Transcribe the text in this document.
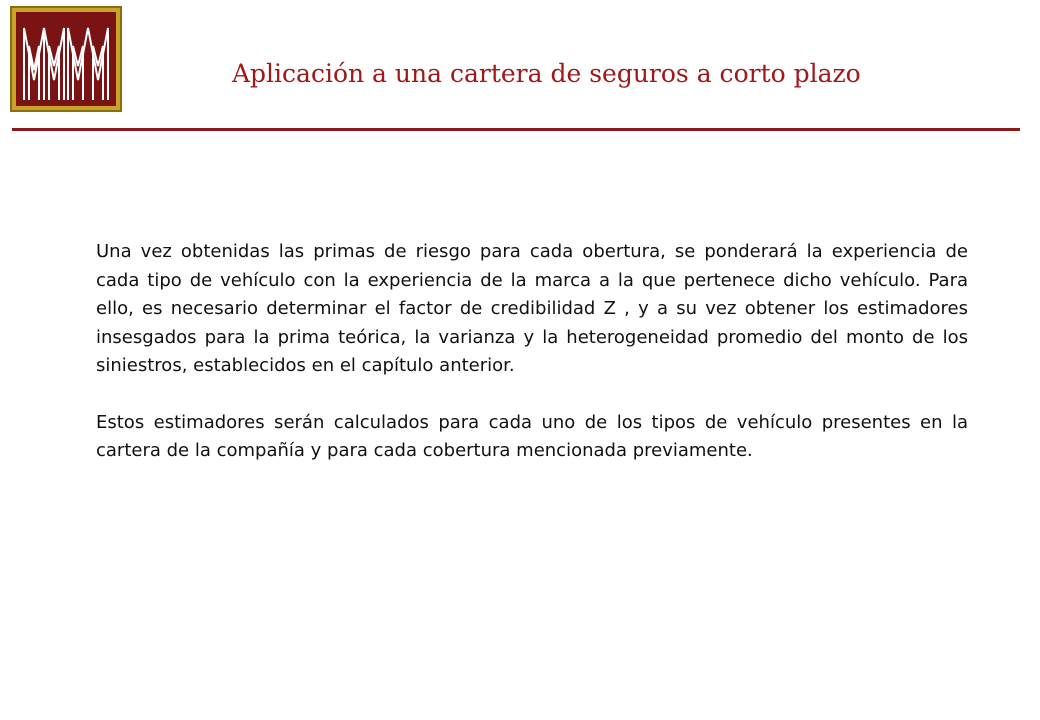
Aplicación a una cartera de seguros a corto plazo

Una vez obtenidas las primas de riesgo para cada obertura, se ponderará la experiencia de cada tipo de vehículo con la experiencia de la marca a la que pertenece dicho vehículo. Para ello, es necesario determinar el factor de credibilidad Z , y a su vez obtener los estimadores insesgados para la prima teórica, la varianza y la heterogeneidad promedio del monto de los siniestros, establecidos en el capítulo anterior.

Estos estimadores serán calculados para cada uno de los tipos de vehículo presentes en la cartera de la compañía y para cada cobertura mencionada previamente.
